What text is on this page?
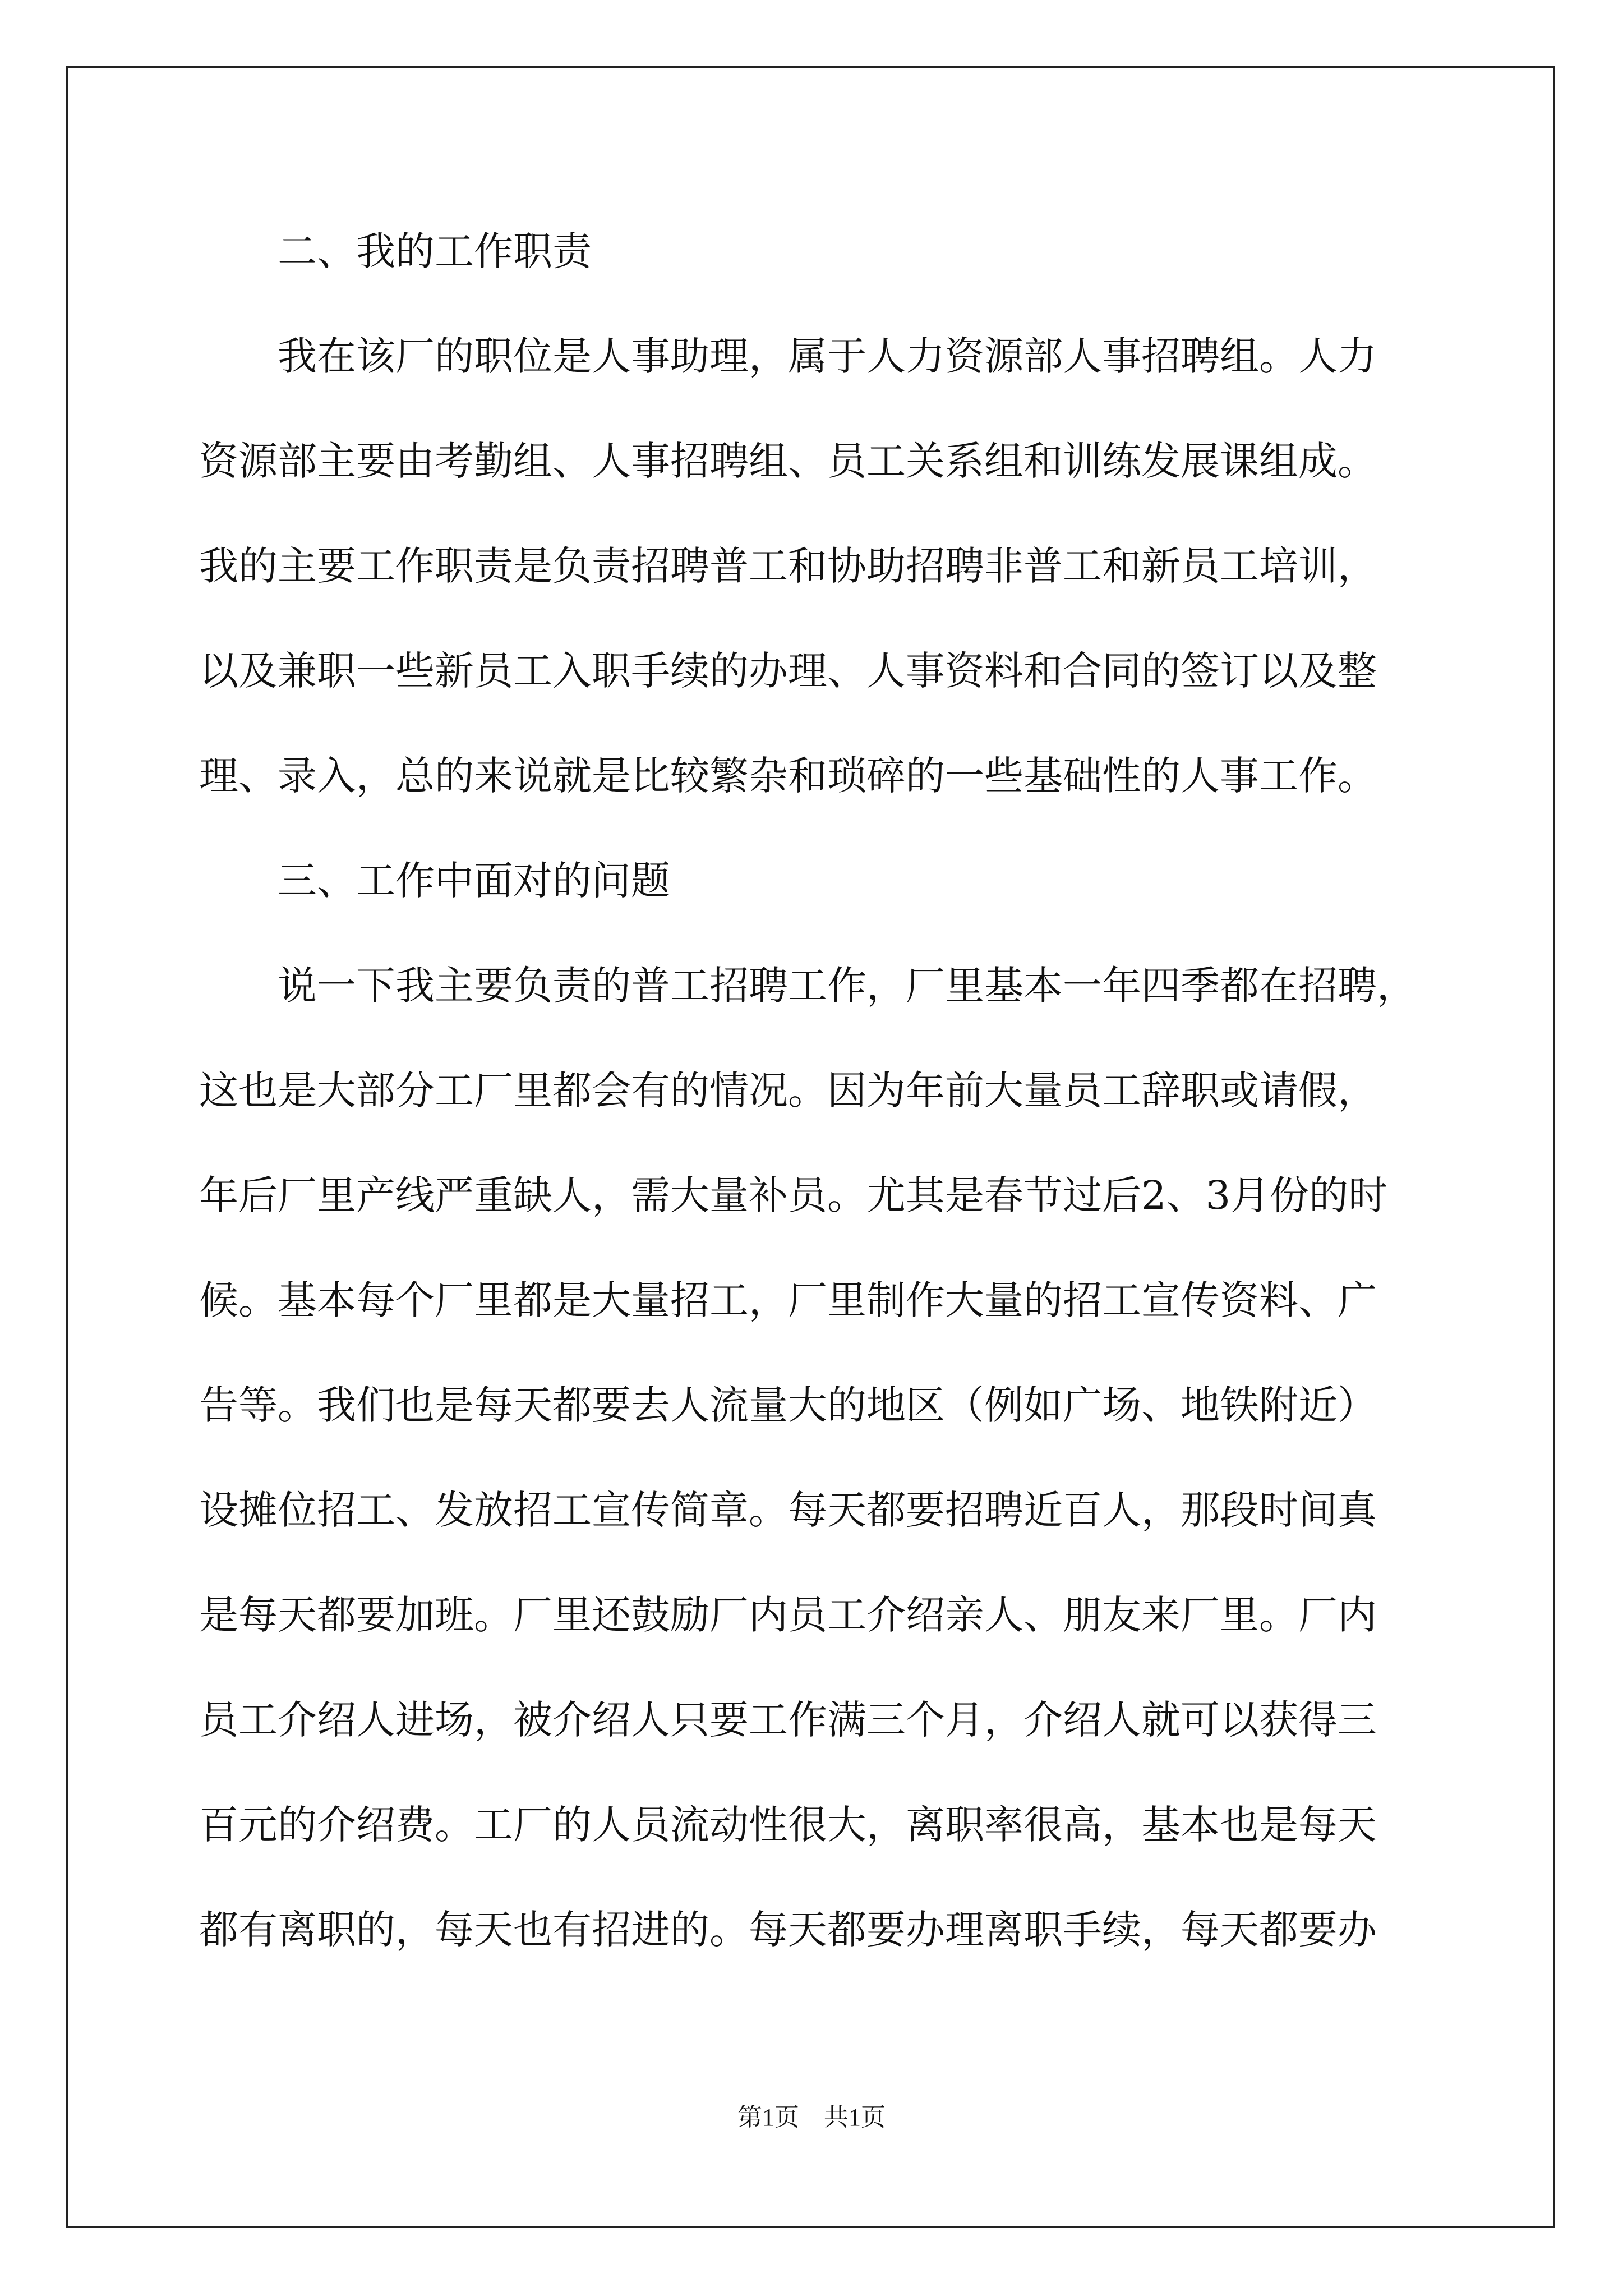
二、我的工作职责
我在该厂的职位是人事助理，属于人力资源部人事招聘组。人力
资源部主要由考勤组、人事招聘组、员工关系组和训练发展课组成。
我的主要工作职责是负责招聘普工和协助招聘非普工和新员工培训，
以及兼职一些新员工入职手续的办理、人事资料和合同的签订以及整
理、录入，总的来说就是比较繁杂和琐碎的一些基础性的人事工作。
三、工作中面对的问题
说一下我主要负责的普工招聘工作，厂里基本一年四季都在招聘，
这也是大部分工厂里都会有的情况。因为年前大量员工辞职或请假，
年后厂里产线严重缺人，需大量补员。尤其是春节过后2、3月份的时
候。基本每个厂里都是大量招工，厂里制作大量的招工宣传资料、广
告等。我们也是每天都要去人流量大的地区（例如广场、地铁附近）
设摊位招工、发放招工宣传简章。每天都要招聘近百人，那段时间真
是每天都要加班。厂里还鼓励厂内员工介绍亲人、朋友来厂里。厂内
员工介绍人进场，被介绍人只要工作满三个月，介绍人就可以获得三
百元的介绍费。工厂的人员流动性很大，离职率很高，基本也是每天
都有离职的，每天也有招进的。每天都要办理离职手续，每天都要办
第1页　共1页
